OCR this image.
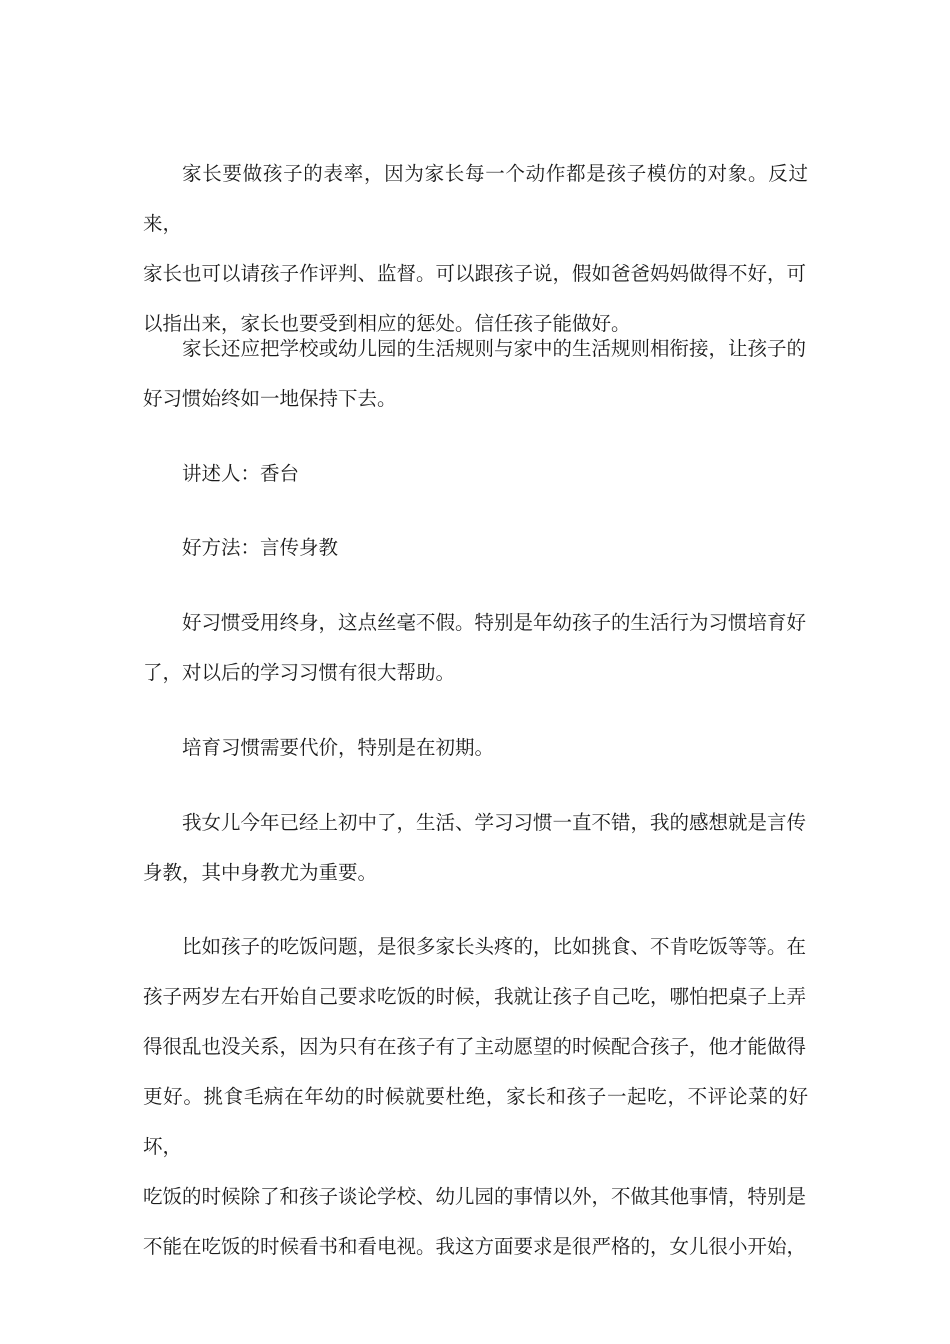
家长要做孩子的表率，因为家长每一个动作都是孩子模仿的对象。反过来，
家长也可以请孩子作评判、监督。可以跟孩子说，假如爸爸妈妈做得不好，可
以指出来，家长也要受到相应的惩处。信任孩子能做好。

家长还应把学校或幼儿园的生活规则与家中的生活规则相衔接，让孩子的
好习惯始终如一地保持下去。

讲述人：香台

好方法：言传身教

好习惯受用终身，这点丝毫不假。特别是年幼孩子的生活行为习惯培育好
了，对以后的学习习惯有很大帮助。

培育习惯需要代价，特别是在初期。

我女儿今年已经上初中了，生活、学习习惯一直不错，我的感想就是言传
身教，其中身教尤为重要。

比如孩子的吃饭问题，是很多家长头疼的，比如挑食、不肯吃饭等等。在
孩子两岁左右开始自己要求吃饭的时候，我就让孩子自己吃，哪怕把桌子上弄
得很乱也没关系，因为只有在孩子有了主动愿望的时候配合孩子，他才能做得
更好。挑食毛病在年幼的时候就要杜绝，家长和孩子一起吃，不评论菜的好坏，
吃饭的时候除了和孩子谈论学校、幼儿园的事情以外，不做其他事情，特别是
不能在吃饭的时候看书和看电视。我这方面要求是很严格的，女儿很小开始，
